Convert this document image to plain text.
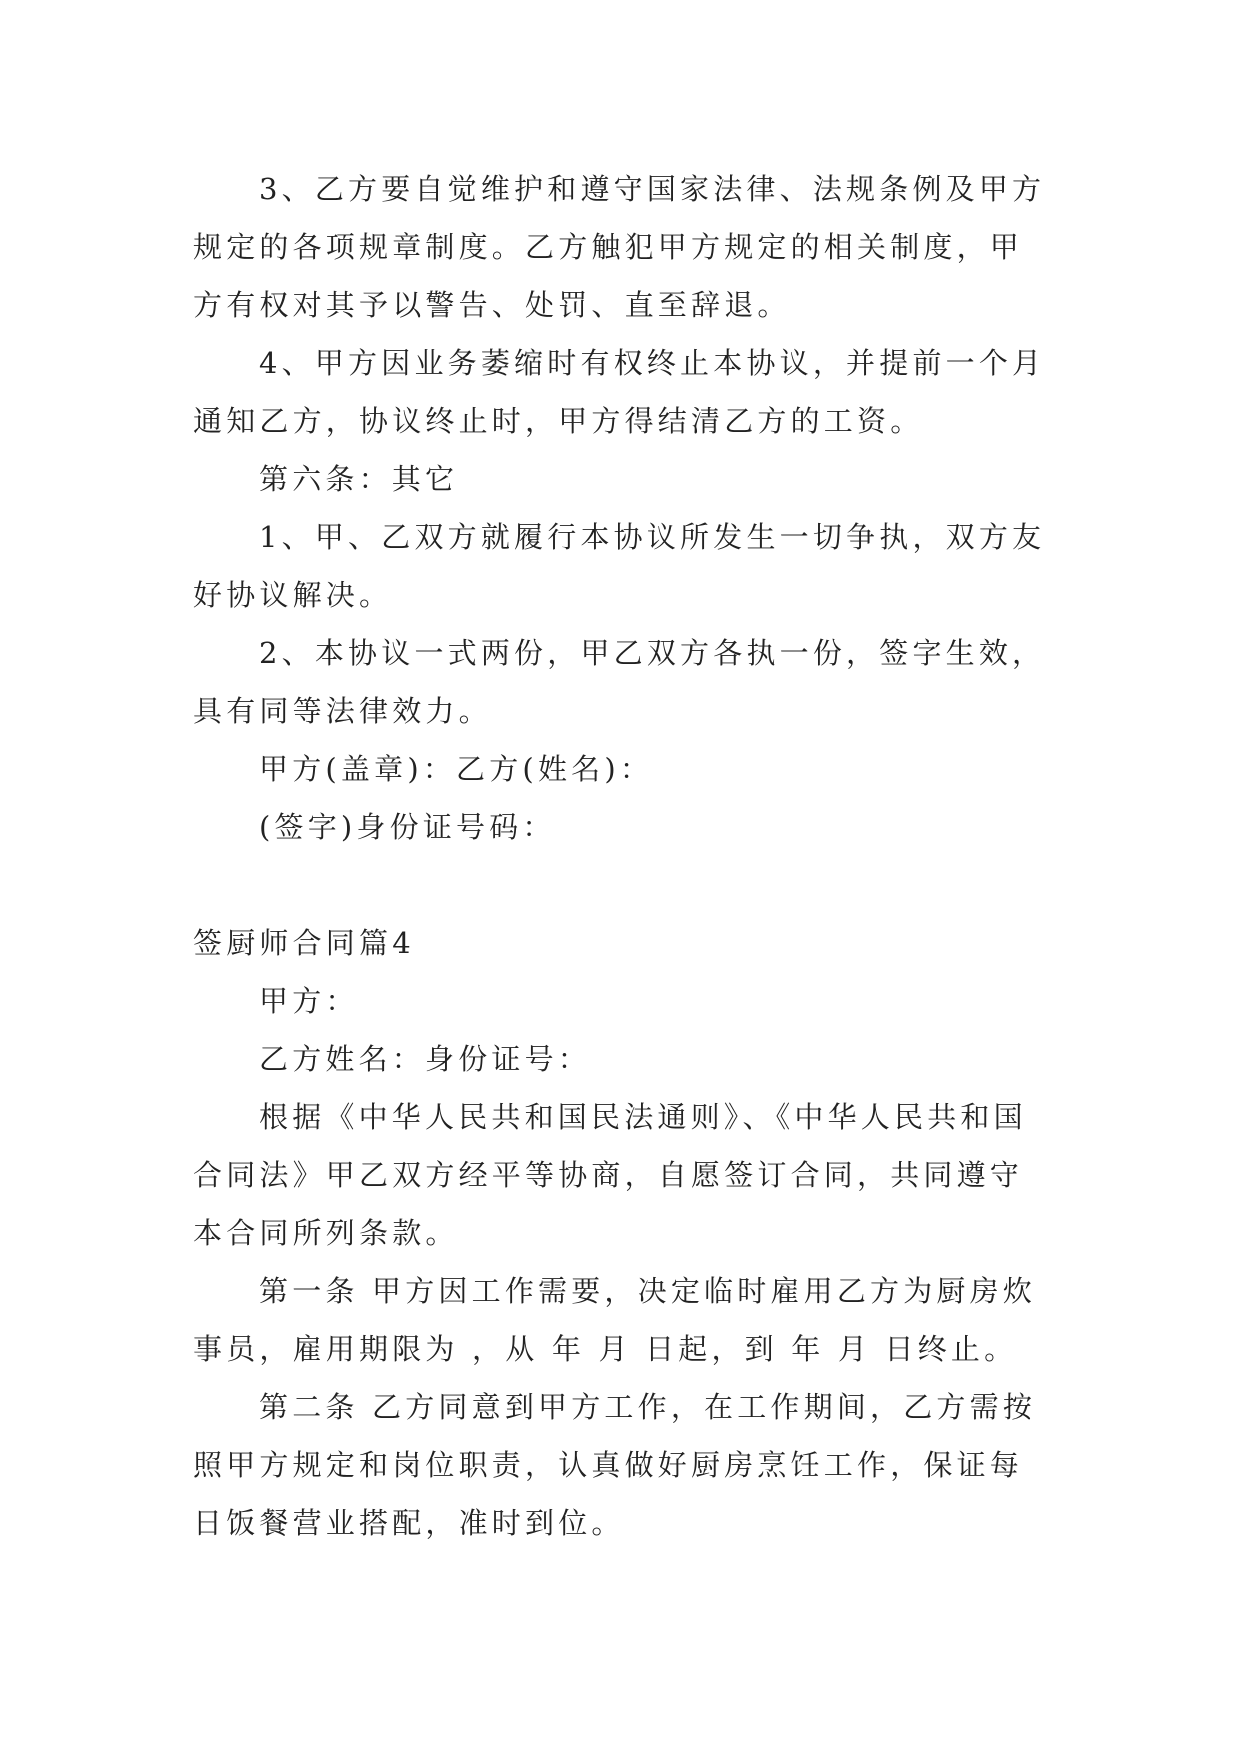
3、乙方要自觉维护和遵守国家法律、法规条例及甲方规定的各项规章制度。乙方触犯甲方规定的相关制度，甲方有权对其予以警告、处罚、直至辞退。

4、甲方因业务萎缩时有权终止本协议，并提前一个月通知乙方，协议终止时，甲方得结清乙方的工资。

第六条：其它

1、甲、乙双方就履行本协议所发生一切争执，双方友好协议解决。

2、本协议一式两份，甲乙双方各执一份，签字生效，具有同等法律效力。

甲方(盖章)：乙方(姓名)：

(签字)身份证号码：

签厨师合同篇4

甲方：

乙方姓名：身份证号：

根据《中华人民共和国民法通则》、《中华人民共和国合同法》甲乙双方经平等协商，自愿签订合同，共同遵守本合同所列条款。

第一条 甲方因工作需要，决定临时雇用乙方为厨房炊事员，雇用期限为 ，从 年 月 日起，到 年 月 日终止。

第二条 乙方同意到甲方工作，在工作期间，乙方需按照甲方规定和岗位职责，认真做好厨房烹饪工作，保证每日饭餐营业搭配，准时到位。
